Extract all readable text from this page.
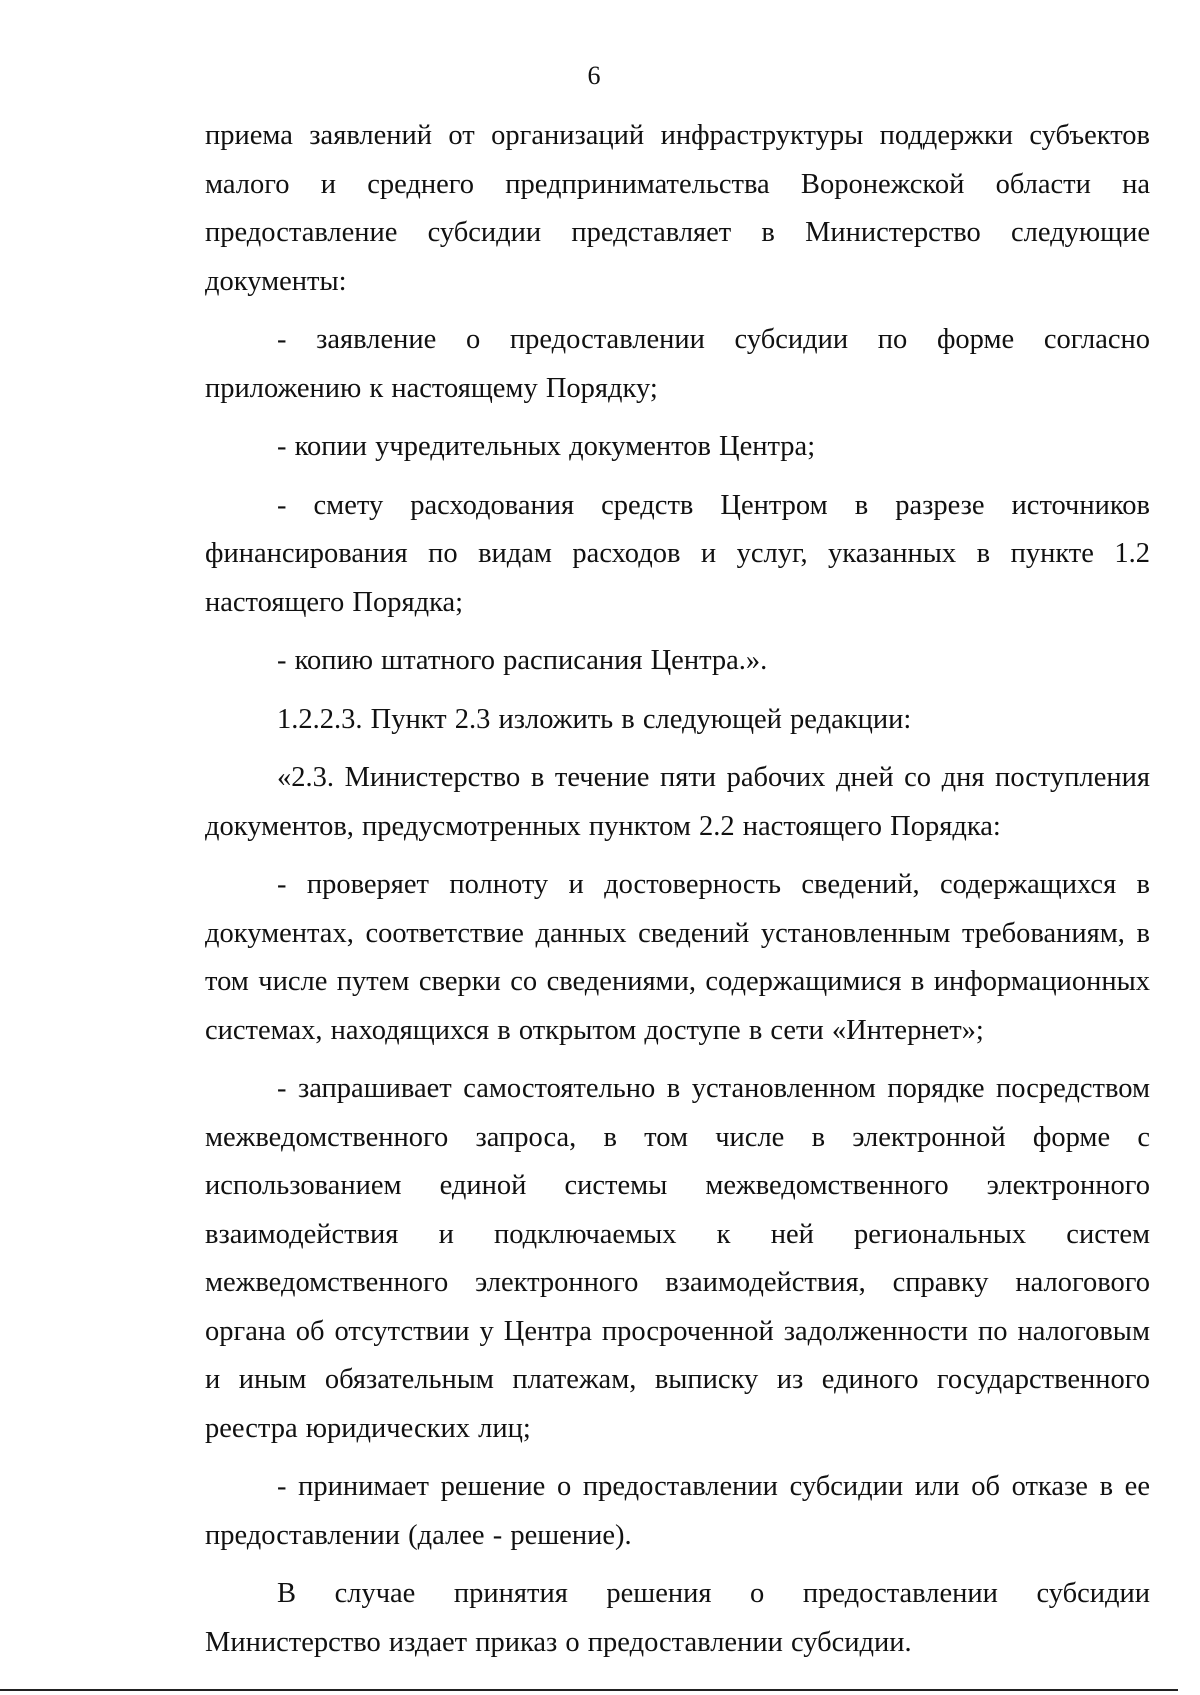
6

приема заявлений от организаций инфраструктуры поддержки субъектов малого и среднего предпринимательства Воронежской области на предоставление субсидии представляет в Министерство следующие документы:

- заявление о предоставлении субсидии по форме согласно приложению к настоящему Порядку;

- копии учредительных документов Центра;

- смету расходования средств Центром в разрезе источников финансирования по видам расходов и услуг, указанных в пункте 1.2 настоящего Порядка;

- копию штатного расписания Центра.».

1.2.2.3. Пункт 2.3 изложить в следующей редакции:

«2.3. Министерство в течение пяти рабочих дней со дня поступления документов, предусмотренных пунктом 2.2 настоящего Порядка:

- проверяет полноту и достоверность сведений, содержащихся в документах, соответствие данных сведений установленным требованиям, в том числе путем сверки со сведениями, содержащимися в информационных системах, находящихся в открытом доступе в сети «Интернет»;

- запрашивает самостоятельно в установленном порядке посредством межведомственного запроса, в том числе в электронной форме с использованием единой системы межведомственного электронного взаимодействия и подключаемых к ней региональных систем межведомственного электронного взаимодействия, справку налогового органа об отсутствии у Центра просроченной задолженности по налоговым и иным обязательным платежам, выписку из единого государственного реестра юридических лиц;

- принимает решение о предоставлении субсидии или об отказе в ее предоставлении (далее - решение).

В случае принятия решения о предоставлении субсидии Министерство издает приказ о предоставлении субсидии.
